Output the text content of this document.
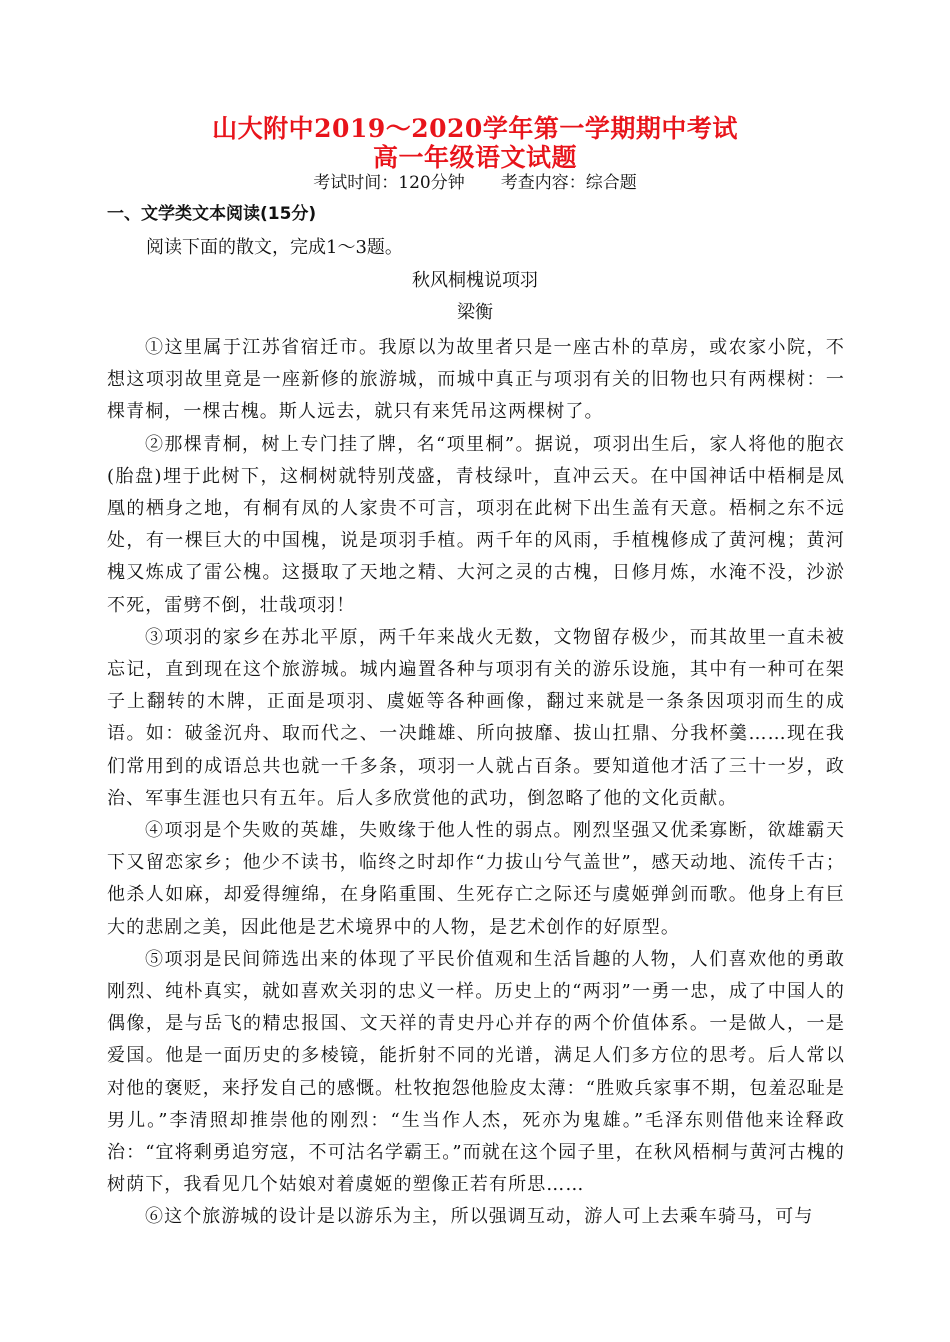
山大附中2019～2020学年第一学期期中考试
高一年级语文试题
考试时间：120分钟 考查内容：综合题
一、文学类文本阅读(15分)
阅读下面的散文，完成1～3题。
秋风桐槐说项羽
梁衡

①这里属于江苏省宿迁市。我原以为故里者只是一座古朴的草房，或农家小院，不想这项羽故里竟是一座新修的旅游城，而城中真正与项羽有关的旧物也只有两棵树：一棵青桐，一棵古槐。斯人远去，就只有来凭吊这两棵树了。

②那棵青桐，树上专门挂了牌，名“项里桐”。据说，项羽出生后，家人将他的胞衣(胎盘)埋于此树下，这桐树就特别茂盛，青枝绿叶，直冲云天。在中国神话中梧桐是凤凰的栖身之地，有桐有凤的人家贵不可言，项羽在此树下出生盖有天意。梧桐之东不远处，有一棵巨大的中国槐，说是项羽手植。两千年的风雨，手植槐修成了黄河槐；黄河槐又炼成了雷公槐。这摄取了天地之精、大河之灵的古槐，日修月炼，水淹不没，沙淤不死，雷劈不倒，壮哉项羽！

③项羽的家乡在苏北平原，两千年来战火无数，文物留存极少，而其故里一直未被忘记，直到现在这个旅游城。城内遍置各种与项羽有关的游乐设施，其中有一种可在架子上翻转的木牌，正面是项羽、虞姬等各种画像，翻过来就是一条条因项羽而生的成语。如：破釜沉舟、取而代之、一决雌雄、所向披靡、拔山扛鼎、分我杯羹……现在我们常用到的成语总共也就一千多条，项羽一人就占百条。要知道他才活了三十一岁，政治、军事生涯也只有五年。后人多欣赏他的武功，倒忽略了他的文化贡献。

④项羽是个失败的英雄，失败缘于他人性的弱点。刚烈坚强又优柔寡断，欲雄霸天下又留恋家乡；他少不读书，临终之时却作“力拔山兮气盖世”，感天动地、流传千古；他杀人如麻，却爱得缠绵，在身陷重围、生死存亡之际还与虞姬弹剑而歌。他身上有巨大的悲剧之美，因此他是艺术境界中的人物，是艺术创作的好原型。

⑤项羽是民间筛选出来的体现了平民价值观和生活旨趣的人物，人们喜欢他的勇敢刚烈、纯朴真实，就如喜欢关羽的忠义一样。历史上的“两羽”一勇一忠，成了中国人的偶像，是与岳飞的精忠报国、文天祥的青史丹心并存的两个价值体系。一是做人，一是爱国。他是一面历史的多棱镜，能折射不同的光谱，满足人们多方位的思考。后人常以对他的褒贬，来抒发自己的感慨。杜牧抱怨他脸皮太薄：“胜败兵家事不期，包羞忍耻是男儿。”李清照却推崇他的刚烈：“生当作人杰，死亦为鬼雄。”毛泽东则借他来诠释政治：“宜将剩勇追穷寇，不可沽名学霸王。”而就在这个园子里，在秋风梧桐与黄河古槐的树荫下，我看见几个姑娘对着虞姬的塑像正若有所思……

⑥这个旅游城的设计是以游乐为主，所以强调互动，游人可上去乘车骑马，可与
